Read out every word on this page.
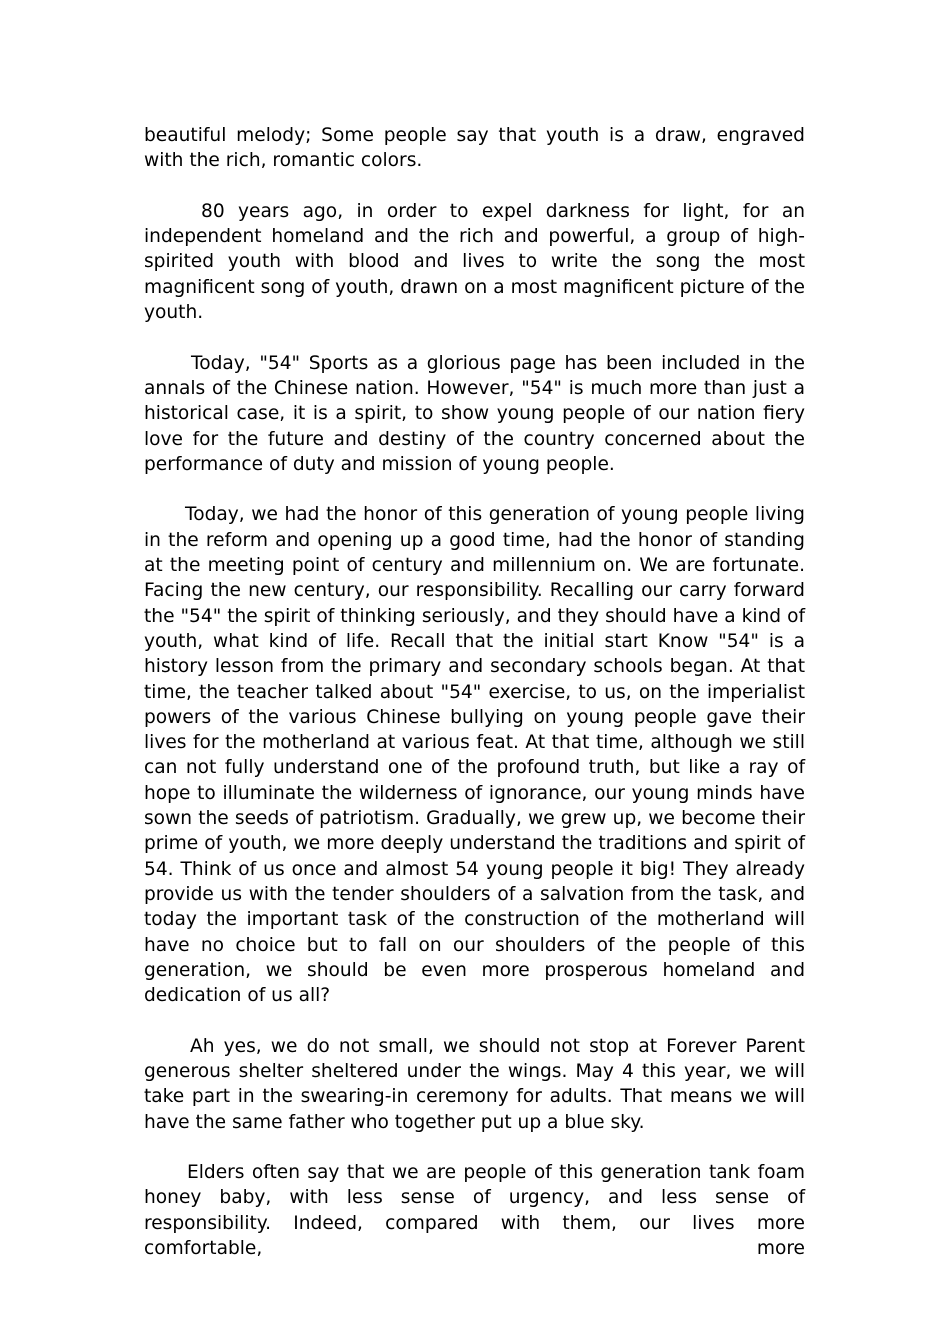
beautiful melody; Some people say that youth is a draw, engraved with the rich, romantic colors.

80 years ago, in order to expel darkness for light, for an independent homeland and the rich and powerful, a group of high-spirited youth with blood and lives to write the song the most magnificent song of youth, drawn on a most magnificent picture of the youth.

Today, "54" Sports as a glorious page has been included in the annals of the Chinese nation. However, "54" is much more than just a historical case, it is a spirit, to show young people of our nation fiery love for the future and destiny of the country concerned about the performance of duty and mission of young people.

Today, we had the honor of this generation of young people living in the reform and opening up a good time, had the honor of standing at the meeting point of century and millennium on. We are fortunate. Facing the new century, our responsibility. Recalling our carry forward the "54" the spirit of thinking seriously, and they should have a kind of youth, what kind of life. Recall that the initial start Know "54" is a history lesson from the primary and secondary schools began. At that time, the teacher talked about "54" exercise, to us, on the imperialist powers of the various Chinese bullying on young people gave their lives for the motherland at various feat. At that time, although we still can not fully understand one of the profound truth, but like a ray of hope to illuminate the wilderness of ignorance, our young minds have sown the seeds of patriotism. Gradually, we grew up, we become their prime of youth, we more deeply understand the traditions and spirit of 54. Think of us once and almost 54 young people it big! They already provide us with the tender shoulders of a salvation from the task, and today the important task of the construction of the motherland will have no choice but to fall on our shoulders of the people of this generation, we should be even more prosperous homeland and dedication of us all?

Ah yes, we do not small, we should not stop at Forever Parent generous shelter sheltered under the wings. May 4 this year, we will take part in the swearing-in ceremony for adults. That means we will have the same father who together put up a blue sky.

Elders often say that we are people of this generation tank foam honey baby, with less sense of urgency, and less sense of responsibility. Indeed, compared with them, our lives more comfortable, more
